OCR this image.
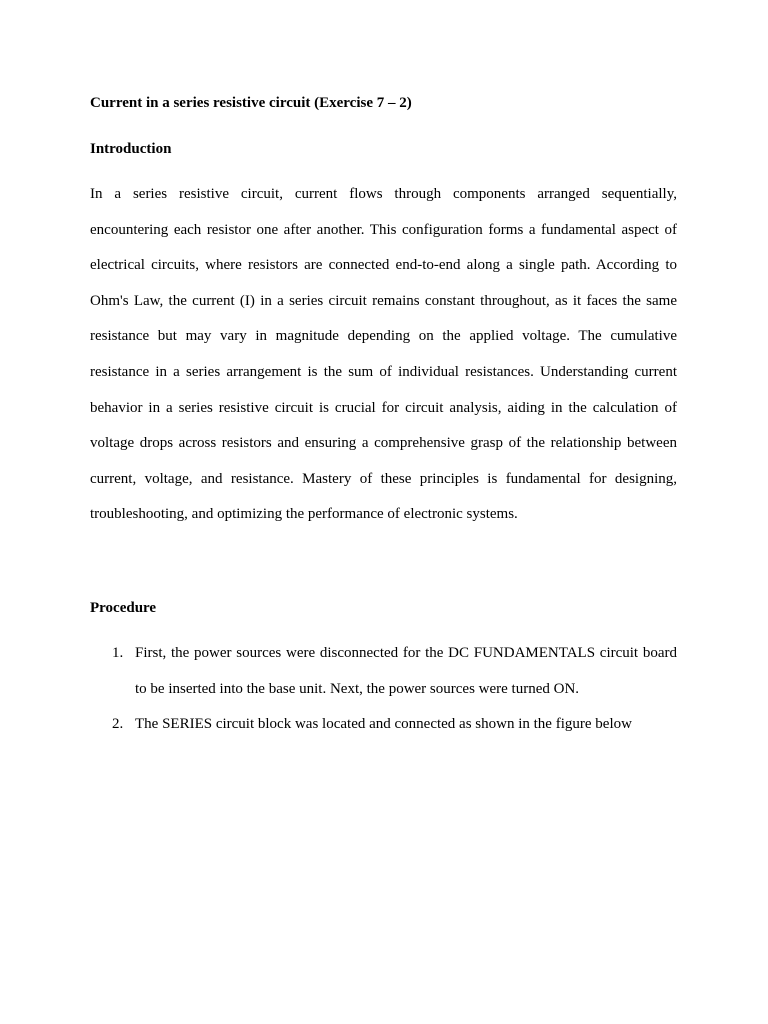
Current in a series resistive circuit (Exercise 7 – 2)
Introduction

In a series resistive circuit, current flows through components arranged sequentially, encountering each resistor one after another. This configuration forms a fundamental aspect of electrical circuits, where resistors are connected end-to-end along a single path. According to Ohm's Law, the current (I) in a series circuit remains constant throughout, as it faces the same resistance but may vary in magnitude depending on the applied voltage. The cumulative resistance in a series arrangement is the sum of individual resistances. Understanding current behavior in a series resistive circuit is crucial for circuit analysis, aiding in the calculation of voltage drops across resistors and ensuring a comprehensive grasp of the relationship between current, voltage, and resistance. Mastery of these principles is fundamental for designing, troubleshooting, and optimizing the performance of electronic systems.

Procedure
1. First, the power sources were disconnected for the DC FUNDAMENTALS circuit board to be inserted into the base unit. Next, the power sources were turned ON.
2. The SERIES circuit block was located and connected as shown in the figure below
